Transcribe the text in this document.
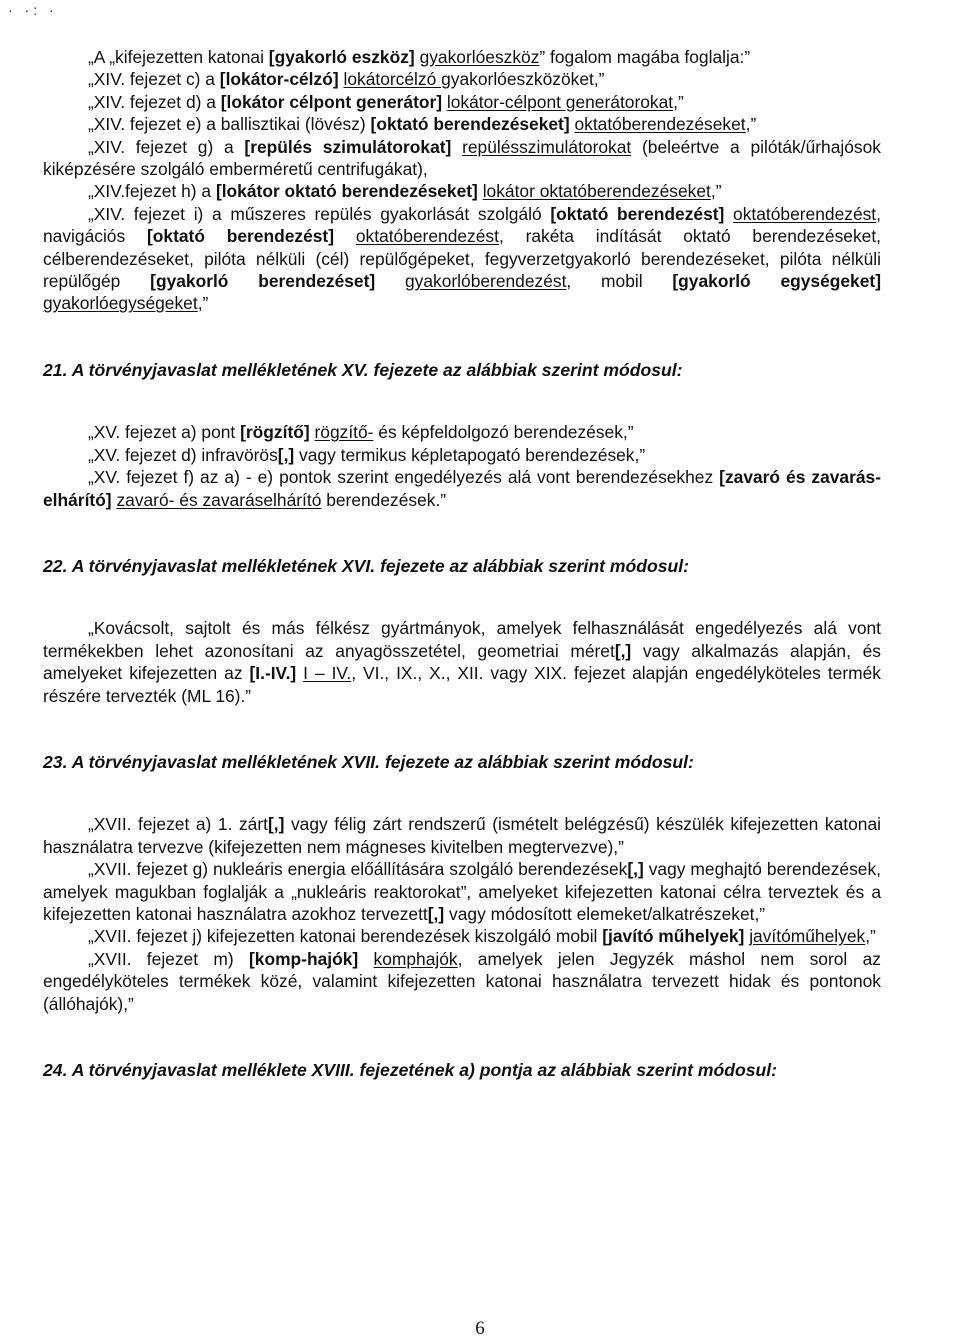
· ·: ·

„A „kifejezetten katonai [gyakorló eszköz] gyakorlóeszköz” fogalom magába foglalja:”

„XIV. fejezet c) a [lokátor-célzó] lokátorcélzó gyakorlóeszközöket,”

„XIV. fejezet d) a [lokátor célpont generátor] lokátor-célpont generátorokat,”

„XIV. fejezet e) a ballisztikai (lövész) [oktató berendezéseket] oktatóberendezéseket,”

„XIV. fejezet g) a [repülés szimulátorokat] repülésszimulátorokat (beleértve a pilóták/űrhajósok kiképzésére szolgáló emberméretű centrifugákat),

„XIV.fejezet h) a [lokátor oktató berendezéseket] lokátor oktatóberendezéseket,”

„XIV. fejezet i) a műszeres repülés gyakorlását szolgáló [oktató berendezést] oktatóberendezést, navigációs [oktató berendezést] oktatóberendezést, rakéta indítását oktató berendezéseket, célberendezéseket, pilóta nélküli (cél) repülőgépeket, fegyverzetgyakorló berendezéseket, pilóta nélküli repülőgép [gyakorló berendezéset] gyakorlóberendezést, mobil [gyakorló egységeket] gyakorlóegységeket,”

21. A törvényjavaslat mellékletének XV. fejezete az alábbiak szerint módosul:

„XV. fejezet a) pont [rögzítő] rögzítő- és képfeldolgozó berendezések,”

„XV. fejezet d) infravörös[,] vagy termikus képletapogató berendezések,”

„XV. fejezet f) az a) - e) pontok szerint engedélyezés alá vont berendezésekhez [zavaró és zavarás-elhárító] zavaró- és zavaráselhárító berendezések.”

22. A törvényjavaslat mellékletének XVI. fejezete az alábbiak szerint módosul:

„Kovácsolt, sajtolt és más félkész gyártmányok, amelyek felhasználását engedélyezés alá vont termékekben lehet azonosítani az anyagösszetétel, geometriai méret[,] vagy alkalmazás alapján, és amelyeket kifejezetten az [I.-IV.] I – IV., VI., IX., X., XII. vagy XIX. fejezet alapján engedélyköteles termék részére tervezték (ML 16).”

23. A törvényjavaslat mellékletének XVII. fejezete az alábbiak szerint módosul:

„XVII. fejezet a) 1. zárt[,] vagy félig zárt rendszerű (ismételt belégzésű) készülék kifejezetten katonai használatra tervezve (kifejezetten nem mágneses kivitelben megtervezve),”

„XVII. fejezet g) nukleáris energia előállítására szolgáló berendezések[,] vagy meghajtó berendezések, amelyek magukban foglalják a „nukleáris reaktorokat”, amelyeket kifejezetten katonai célra terveztek és a kifejezetten katonai használatra azokhoz tervezett[,] vagy módosított elemeket/alkatrészeket,”

„XVII. fejezet j) kifejezetten katonai berendezések kiszolgáló mobil [javító műhelyek] javítóműhelyek,”

„XVII. fejezet m) [komp-hajók] komphajók, amelyek jelen Jegyzék máshol nem sorol az engedélyköteles termékek közé, valamint kifejezetten katonai használatra tervezett hidak és pontonok (állóhajók),”

24. A törvényjavaslat melléklete XVIII. fejezetének a) pontja az alábbiak szerint módosul:

6
